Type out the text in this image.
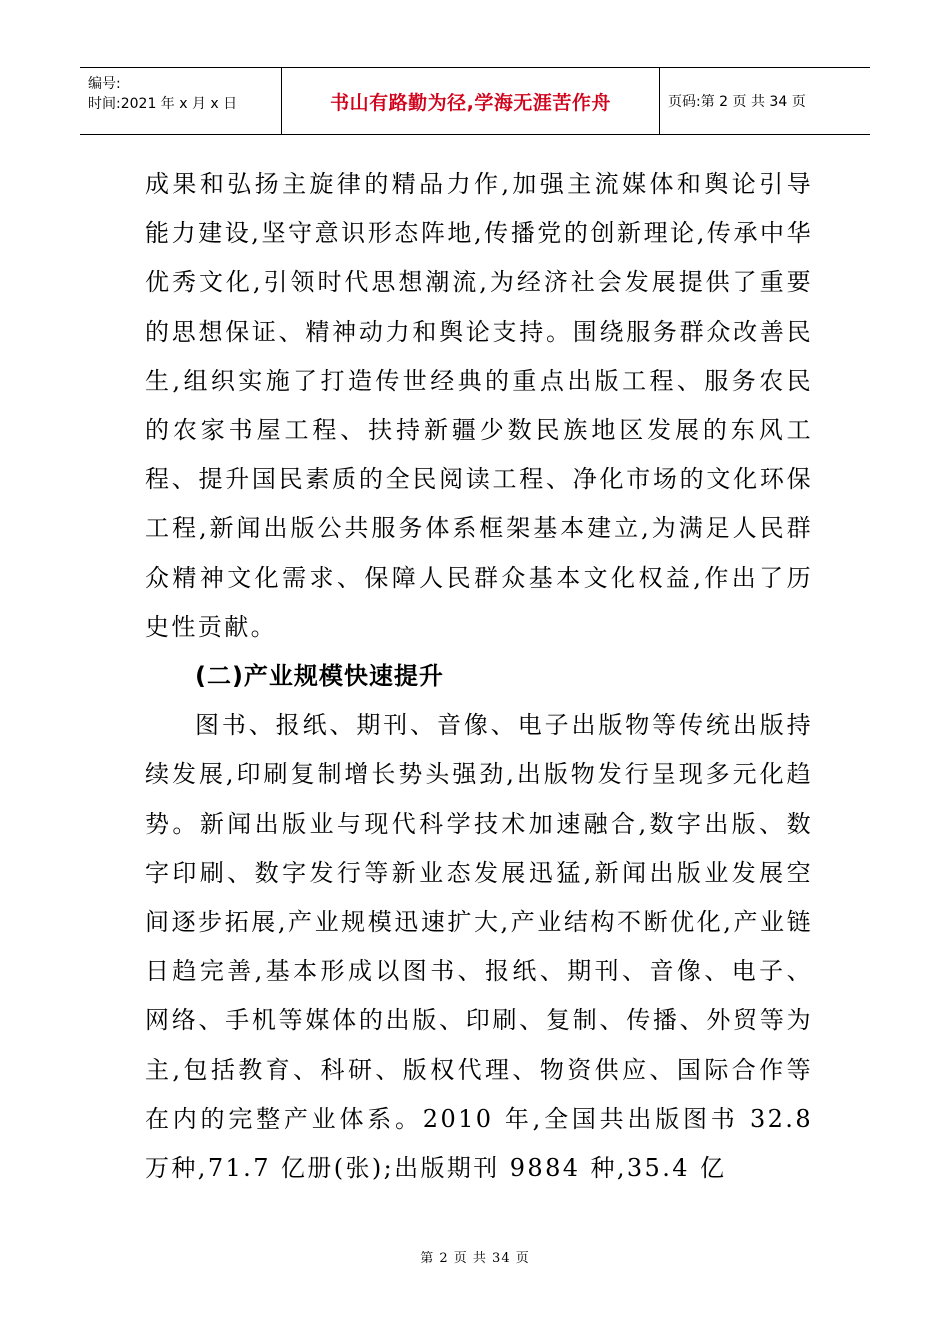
编号:
时间:2021 年 x 月 x 日	书山有路勤为径,学海无涯苦作舟	页码:第 2 页 共 34 页

成果和弘扬主旋律的精品力作,加强主流媒体和舆论引导能力建设,坚守意识形态阵地,传播党的创新理论,传承中华优秀文化,引领时代思想潮流,为经济社会发展提供了重要的思想保证、精神动力和舆论支持。围绕服务群众改善民生,组织实施了打造传世经典的重点出版工程、服务农民的农家书屋工程、扶持新疆少数民族地区发展的东风工程、提升国民素质的全民阅读工程、净化市场的文化环保工程,新闻出版公共服务体系框架基本建立,为满足人民群众精神文化需求、保障人民群众基本文化权益,作出了历史性贡献。

(二)产业规模快速提升

图书、报纸、期刊、音像、电子出版物等传统出版持续发展,印刷复制增长势头强劲,出版物发行呈现多元化趋势。新闻出版业与现代科学技术加速融合,数字出版、数字印刷、数字发行等新业态发展迅猛,新闻出版业发展空间逐步拓展,产业规模迅速扩大,产业结构不断优化,产业链日趋完善,基本形成以图书、报纸、期刊、音像、电子、网络、手机等媒体的出版、印刷、复制、传播、外贸等为主,包括教育、科研、版权代理、物资供应、国际合作等在内的完整产业体系。2010 年,全国共出版图书 32.8 万种,71.7 亿册(张);出版期刊 9884 种,35.4 亿

第 2 页 共 34 页
